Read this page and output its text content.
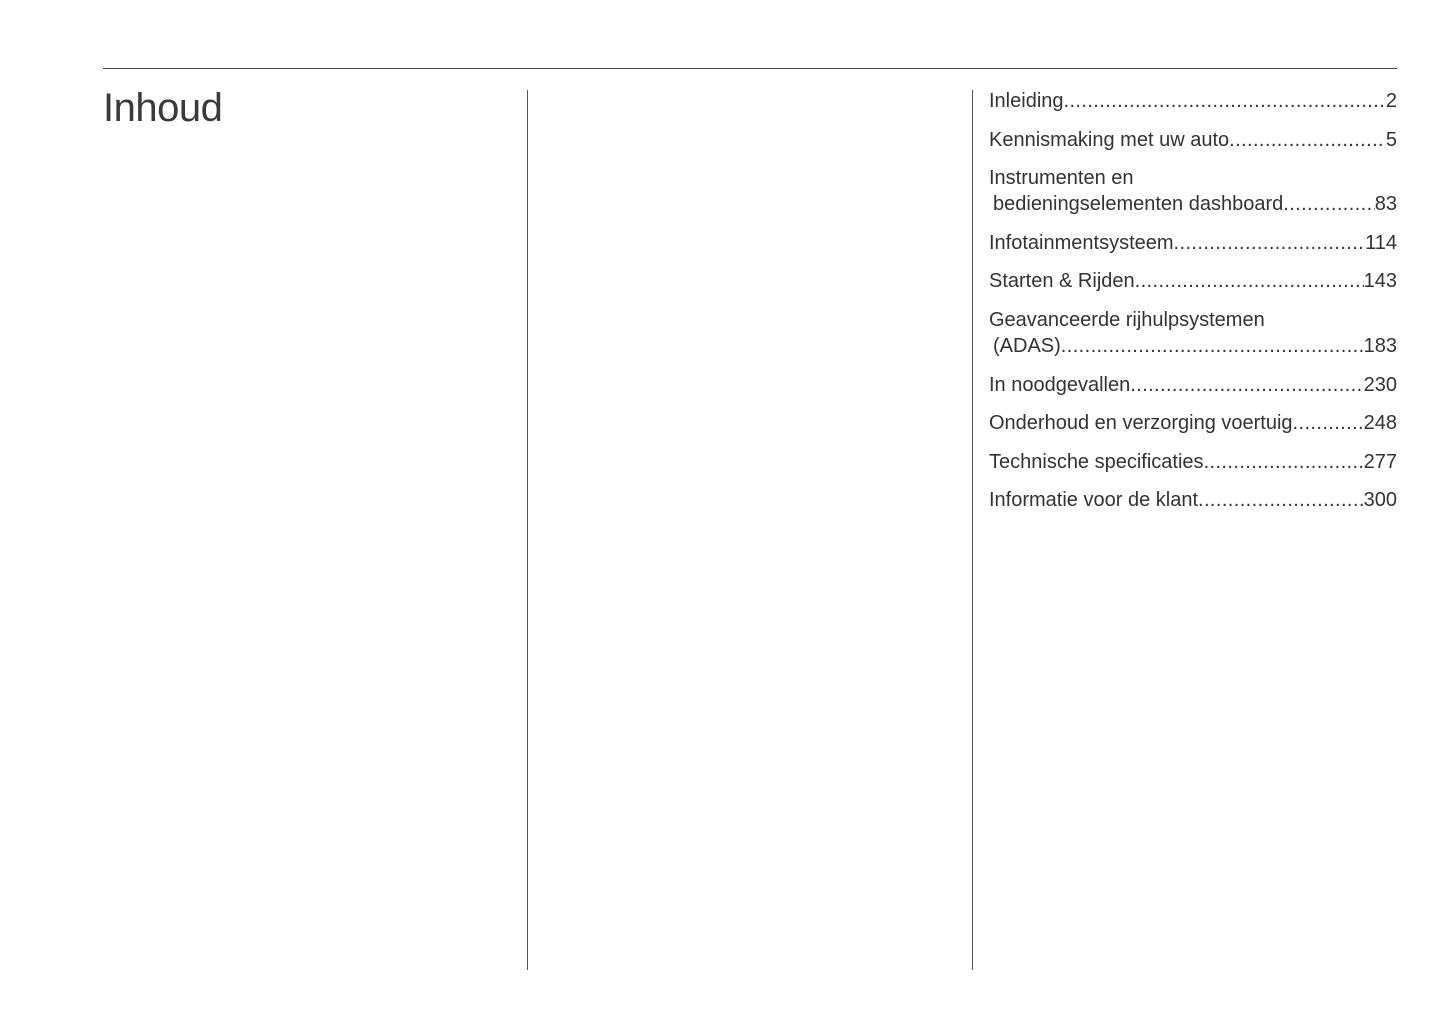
Inhoud	Inleiding .....	2
Kennismaking met uw auto .....	5
Instrumenten en
bedieningselementen dashboard .....	83
Infotainmentsysteem .....	114
Starten & Rijden .....	143
Geavanceerde rijhulpsystemen
(ADAS) .....	183
In noodgevallen .....	230
Onderhoud en verzorging voertuig .....	248
Technische specificaties .....	277
Informatie voor de klant .....	300
